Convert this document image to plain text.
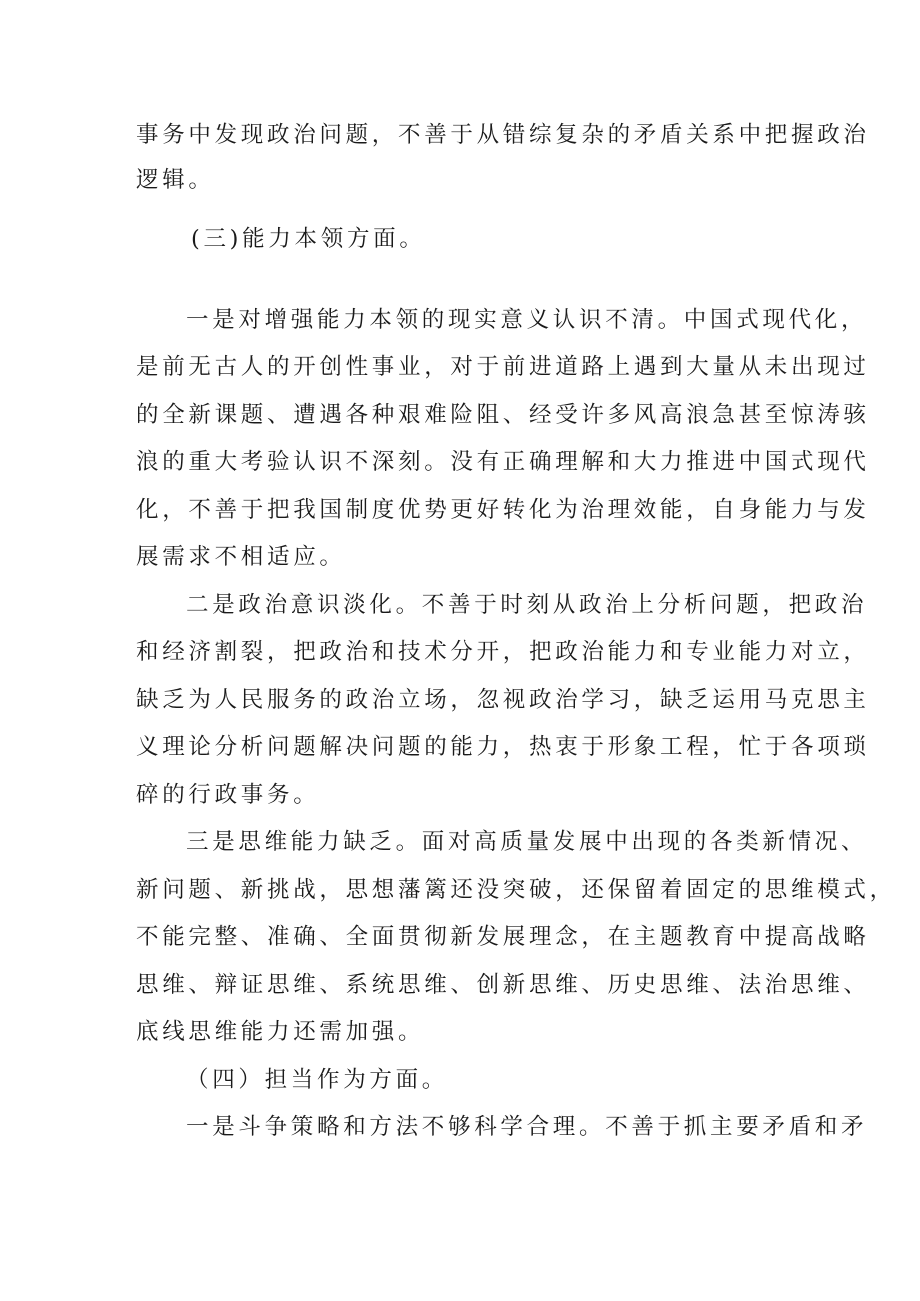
事务中发现政治问题，不善于从错综复杂的矛盾关系中把握政治
逻辑。
(三)能力本领方面。
一是对增强能力本领的现实意义认识不清。中国式现代化，
是前无古人的开创性事业，对于前进道路上遇到大量从未出现过
的全新课题、遭遇各种艰难险阻、经受许多风高浪急甚至惊涛骇
浪的重大考验认识不深刻。没有正确理解和大力推进中国式现代
化，不善于把我国制度优势更好转化为治理效能，自身能力与发
展需求不相适应。
二是政治意识淡化。不善于时刻从政治上分析问题，把政治
和经济割裂，把政治和技术分开，把政治能力和专业能力对立，
缺乏为人民服务的政治立场，忽视政治学习，缺乏运用马克思主
义理论分析问题解决问题的能力，热衷于形象工程，忙于各项琐
碎的行政事务。
三是思维能力缺乏。面对高质量发展中出现的各类新情况、
新问题、新挑战，思想藩篱还没突破，还保留着固定的思维模式，
不能完整、准确、全面贯彻新发展理念，在主题教育中提高战略
思维、辩证思维、系统思维、创新思维、历史思维、法治思维、
底线思维能力还需加强。
（四）担当作为方面。
一是斗争策略和方法不够科学合理。不善于抓主要矛盾和矛
